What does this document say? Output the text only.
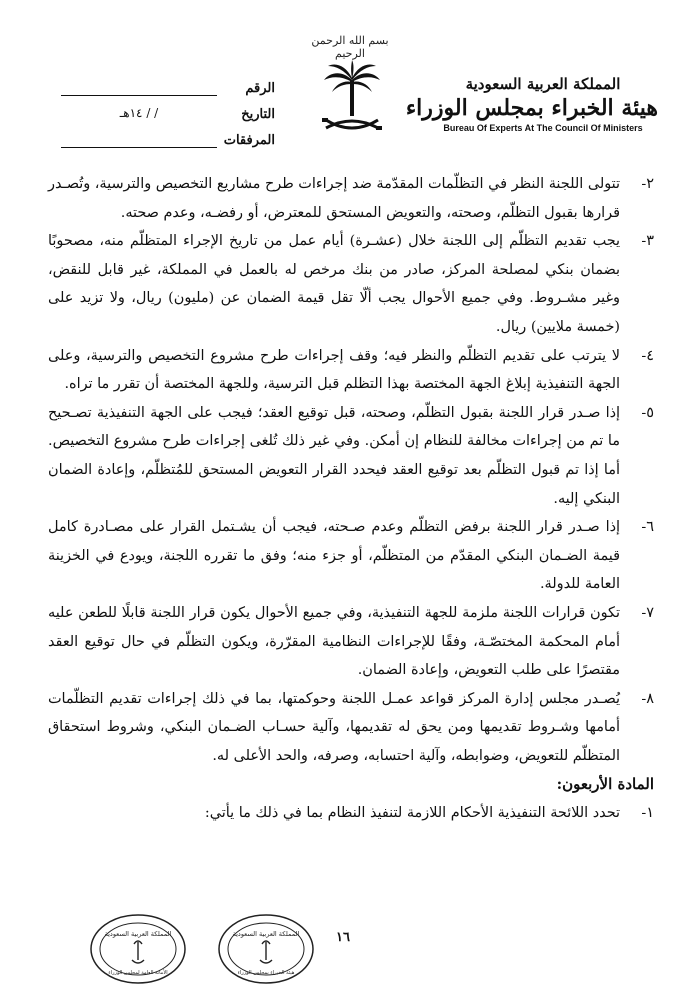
بسم الله الرحمن الرحيم
المملكة العربية السعودية
هيئة الخبراء بمجلس الوزراء
Bureau Of Experts At The Council Of Ministers
الرقم
التاريخ
/ / ١٤هـ
المرفقات
٢-
تتولى اللجنة النظر في التظلّمات المقدّمة ضد إجراءات طرح مشاريع التخصيص والترسية، وتُصـدر قرارها بقبول التظلّم، وصحته، والتعويض المستحق للمعترض، أو رفضـه، وعدم صحته.
٣-
يجب تقديم التظلّم إلى اللجنة خلال (عشـرة) أيام عمل من تاريخ الإجراء المتظلّم منه، مصحوبًا بضمان بنكي لمصلحة المركز، صادر من بنك مرخص له بالعمل في المملكة، غير قابل للنقض، وغير مشـروط. وفي جميع الأحوال يجب ألّا تقل قيمة الضمان عن (مليون) ريال، ولا تزيد على (خمسة ملايين) ريال.
٤-
لا يترتب على تقديم التظلّم والنظر فيه؛ وقف إجراءات طرح مشروع التخصيص والترسية، وعلى الجهة التنفيذية إبلاغ الجهة المختصة بهذا التظلم قبل الترسية، وللجهة المختصة أن تقرر ما تراه.
٥-
إذا صـدر قرار اللجنة بقبول التظلّم، وصحته، قبل توقيع العقد؛ فيجب على الجهة التنفيذية تصـحيح ما تم من إجراءات مخالفة للنظام إن أمكن. وفي غير ذلك تُلغى إجراءات طرح مشروع التخصيص. أما إذا تم قبول التظلّم بعد توقيع العقد فيحدد القرار التعويض المستحق للمُتظلّم، وإعادة الضمان البنكي إليه.
٦-
إذا صـدر قرار اللجنة برفض التظلّم وعدم صـحته، فيجب أن يشـتمل القرار على مصـادرة كامل قيمة الضـمان البنكي المقدّم من المتظلّم، أو جزء منه؛ وفق ما تقرره اللجنة، ويودع في الخزينة العامة للدولة.
٧-
تكون قرارات اللجنة ملزمة للجهة التنفيذية، وفي جميع الأحوال يكون قرار اللجنة قابلًا للطعن عليه أمام المحكمة المختصّـة، وفقًا للإجراءات النظامية المقرّرة، ويكون التظلّم في حال توقيع العقد مقتصرًا على طلب التعويض، وإعادة الضمان.
٨-
يُصـدر مجلس إدارة المركز قواعد عمـل اللجنة وحوكمتها، بما في ذلك إجراءات تقديم التظلّمات أمامها وشـروط تقديمها ومن يحق له تقديمها، وآلية حسـاب الضـمان البنكي، وشروط استحقاق المتظلّم للتعويض، وضوابطه، وآلية احتسابه، وصرفه، والحد الأعلى له.
المادة الأربعون:
١-
تحدد اللائحة التنفيذية الأحكام اللازمة لتنفيذ النظام بما في ذلك ما يأتي:
١٦
المملكة العربية السعودية
الأمانة العامة لمجلس الوزراء
المملكة العربية السعودية
هيئة الخبراء بمجلس الوزراء
